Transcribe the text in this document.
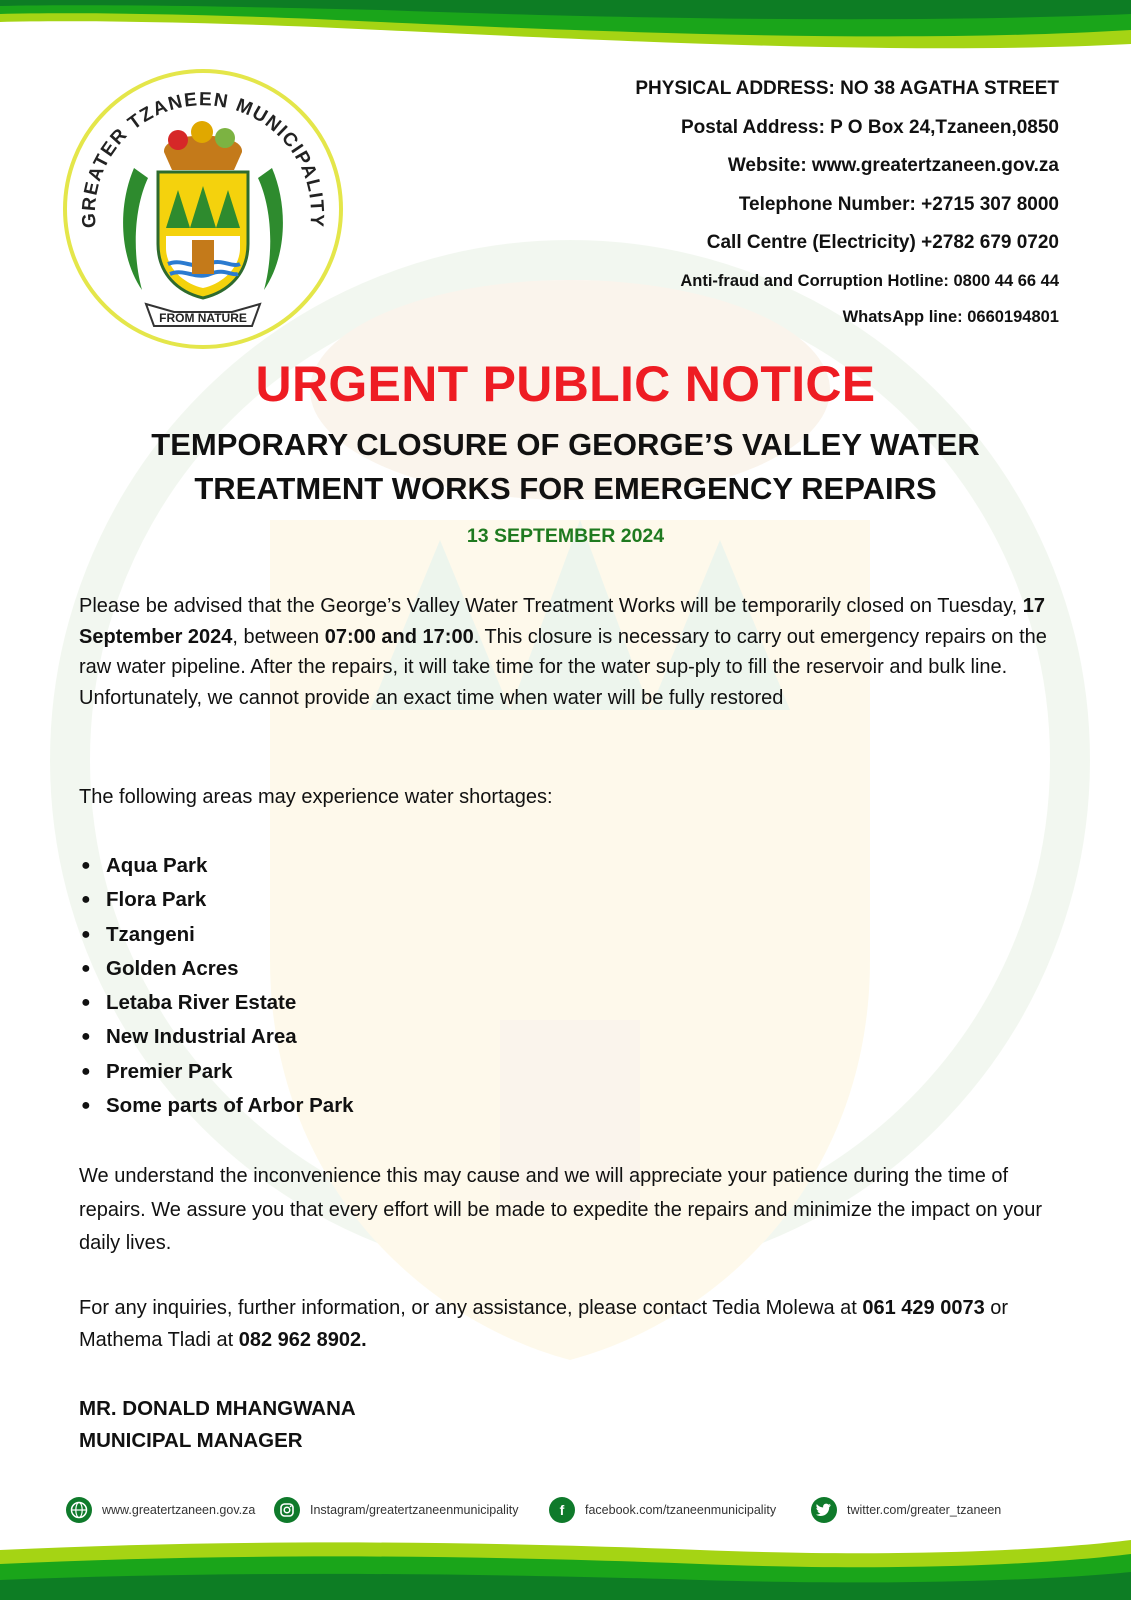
FROM NATURE
GREATER TZANEEN MUNICIPALITY
PHYSICAL ADDRESS: NO 38 AGATHA STREET
Postal Address: P O Box 24,Tzaneen,0850
Website: www.greatertzaneen.gov.za
Telephone Number: +2715 307 8000
Call Centre (Electricity) +2782 679 0720
Anti-fraud and Corruption Hotline: 0800 44 66 44
WhatsApp line: 0660194801
URGENT PUBLIC NOTICE
TEMPORARY CLOSURE OF GEORGE’S VALLEY WATER TREATMENT WORKS FOR EMERGENCY REPAIRS
13 SEPTEMBER 2024
Please be advised that the George’s Valley Water Treatment Works will be temporarily closed on Tuesday, 17 September 2024, between 07:00 and 17:00. This closure is necessary to carry out emergency repairs on the raw water pipeline. After the repairs, it will take time for the water sup-ply to fill the reservoir and bulk line. Unfortunately, we cannot provide an exact time when water will be fully restored
The following areas may experience water shortages:
● Aqua Park
● Flora Park
● Tzangeni
● Golden Acres
● Letaba River Estate
● New Industrial Area
● Premier Park
● Some parts of Arbor Park
We understand the inconvenience this may cause and we will appreciate your patience during the time of repairs. We assure you that every effort will be made to expedite the repairs and minimize the impact on your daily lives.
For any inquiries, further information, or any assistance, please contact Tedia Molewa at 061 429 0073 or Mathema Tladi at 082 962 8902.
MR. DONALD MHANGWANA
MUNICIPAL MANAGER
www.greatertzaneen.gov.za	Instagram/greatertzaneenmunicipality	f	facebook.com/tzaneenmunicipality	twitter.com/greater_tzaneen
